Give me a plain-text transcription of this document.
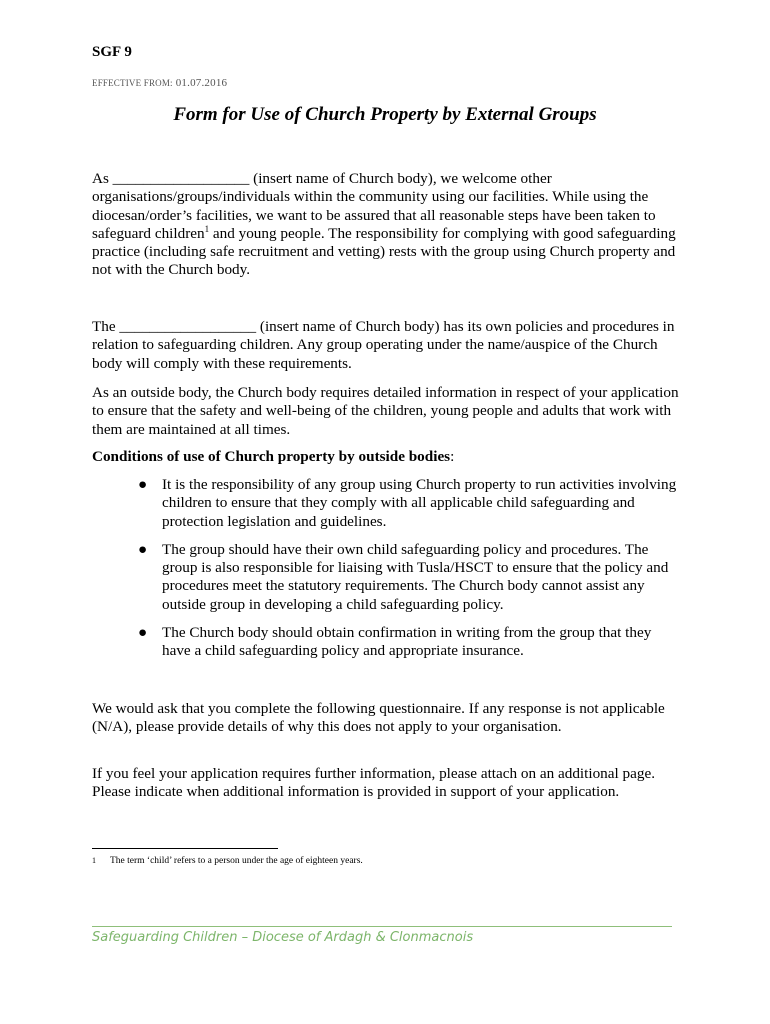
SGF 9
EFFECTIVE FROM: 01.07.2016
Form for Use of Church Property by External Groups
As __________________ (insert name of Church body), we welcome other organisations/groups/individuals within the community using our facilities. While using the diocesan/order’s facilities, we want to be assured that all reasonable steps have been taken to safeguard children$^1$ and young people. The responsibility for complying with good safeguarding practice (including safe recruitment and vetting) rests with the group using Church property and not with the Church body.
The __________________ (insert name of Church body) has its own policies and procedures in relation to safeguarding children. Any group operating under the name/auspice of the Church body will comply with these requirements.
As an outside body, the Church body requires detailed information in respect of your application to ensure that the safety and well-being of the children, young people and adults that work with them are maintained at all times.
Conditions of use of Church property by outside bodies:
● It is the responsibility of any group using Church property to run activities involving children to ensure that they comply with all applicable child safeguarding and protection legislation and guidelines.
● The group should have their own child safeguarding policy and procedures. The group is also responsible for liaising with Tusla/HSCT to ensure that the policy and procedures meet the statutory requirements. The Church body cannot assist any outside group in developing a child safeguarding policy.
● The Church body should obtain confirmation in writing from the group that they have a child safeguarding policy and appropriate insurance.
We would ask that you complete the following questionnaire. If any response is not applicable (N/A), please provide details of why this does not apply to your organisation.
If you feel your application requires further information, please attach on an additional page. Please indicate when additional information is provided in support of your application.
1 The term ‘child’ refers to a person under the age of eighteen years.
Safeguarding Children – Diocese of Ardagh & Clonmacnois
